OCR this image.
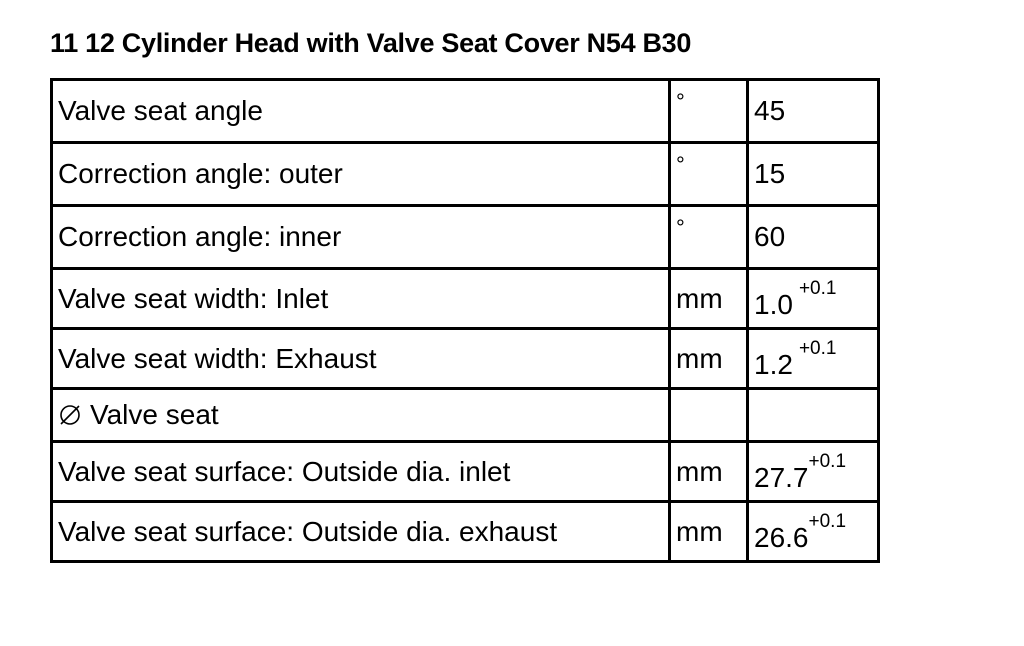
11 12 Cylinder Head with Valve Seat Cover N54 B30
Valve seat angle	°	45
Correction angle: outer	°	15
Correction angle: inner	°	60
Valve seat width: Inlet	mm	$1.0^{+0.1}$
Valve seat width: Exhaust	mm	$1.2^{+0.1}$
Valve seat		
Valve seat surface: Outside dia. inlet	mm	$27.7^{+0.1}$
Valve seat surface: Outside dia. exhaust	mm	$26.6^{+0.1}$
